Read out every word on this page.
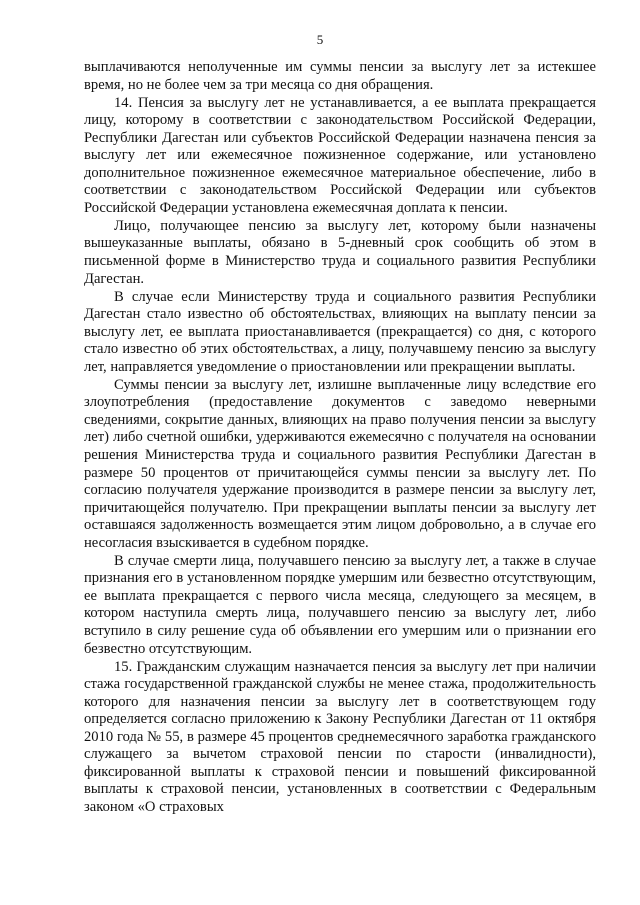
5

выплачиваются неполученные им суммы пенсии за выслугу лет за истекшее время, но не более чем за три месяца со дня обращения.

14. Пенсия за выслугу лет не устанавливается, а ее выплата прекращается лицу, которому в соответствии с законодательством Российской Федерации, Республики Дагестан или субъектов Российской Федерации назначена пенсия за выслугу лет или ежемесячное пожизненное содержание, или установлено дополнительное пожизненное ежемесячное материальное обеспечение, либо в соответствии с законодательством Российской Федерации или субъектов Российской Федерации установлена ежемесячная доплата к пенсии.

Лицо, получающее пенсию за выслугу лет, которому были назначены вышеуказанные выплаты, обязано в 5-дневный срок сообщить об этом в письменной форме в Министерство труда и социального развития Республики Дагестан.

В случае если Министерству труда и социального развития Республики Дагестан стало известно об обстоятельствах, влияющих на выплату пенсии за выслугу лет, ее выплата приостанавливается (прекращается) со дня, с которого стало известно об этих обстоятельствах, а лицу, получавшему пенсию за выслугу лет, направляется уведомление о приостановлении или прекращении выплаты.

Суммы пенсии за выслугу лет, излишне выплаченные лицу вследствие его злоупотребления (предоставление документов с заведомо неверными сведениями, сокрытие данных, влияющих на право получения пенсии за выслугу лет) либо счетной ошибки, удерживаются ежемесячно с получателя на основании решения Министерства труда и социального развития Республики Дагестан в размере 50 процентов от причитающейся суммы пенсии за выслугу лет. По согласию получателя удержание производится в размере пенсии за выслугу лет, причитающейся получателю. При прекращении выплаты пенсии за выслугу лет оставшаяся задолженность возмещается этим лицом добровольно, а в случае его несогласия взыскивается в судебном порядке.

В случае смерти лица, получавшего пенсию за выслугу лет, а также в случае признания его в установленном порядке умершим или безвестно отсутствующим, ее выплата прекращается с первого числа месяца, следующего за месяцем, в котором наступила смерть лица, получавшего пенсию за выслугу лет, либо вступило в силу решение суда об объявлении его умершим или о признании его безвестно отсутствующим.

15. Гражданским служащим назначается пенсия за выслугу лет при наличии стажа государственной гражданской службы не менее стажа, продолжительность которого для назначения пенсии за выслугу лет в соответствующем году определяется согласно приложению к Закону Республики Дагестан от 11 октября 2010 года № 55, в размере 45 процентов среднемесячного заработка гражданского служащего за вычетом страховой пенсии по старости (инвалидности), фиксированной выплаты к страховой пенсии и повышений фиксированной выплаты к страховой пенсии, установленных в соответствии с Федеральным законом «О страховых
